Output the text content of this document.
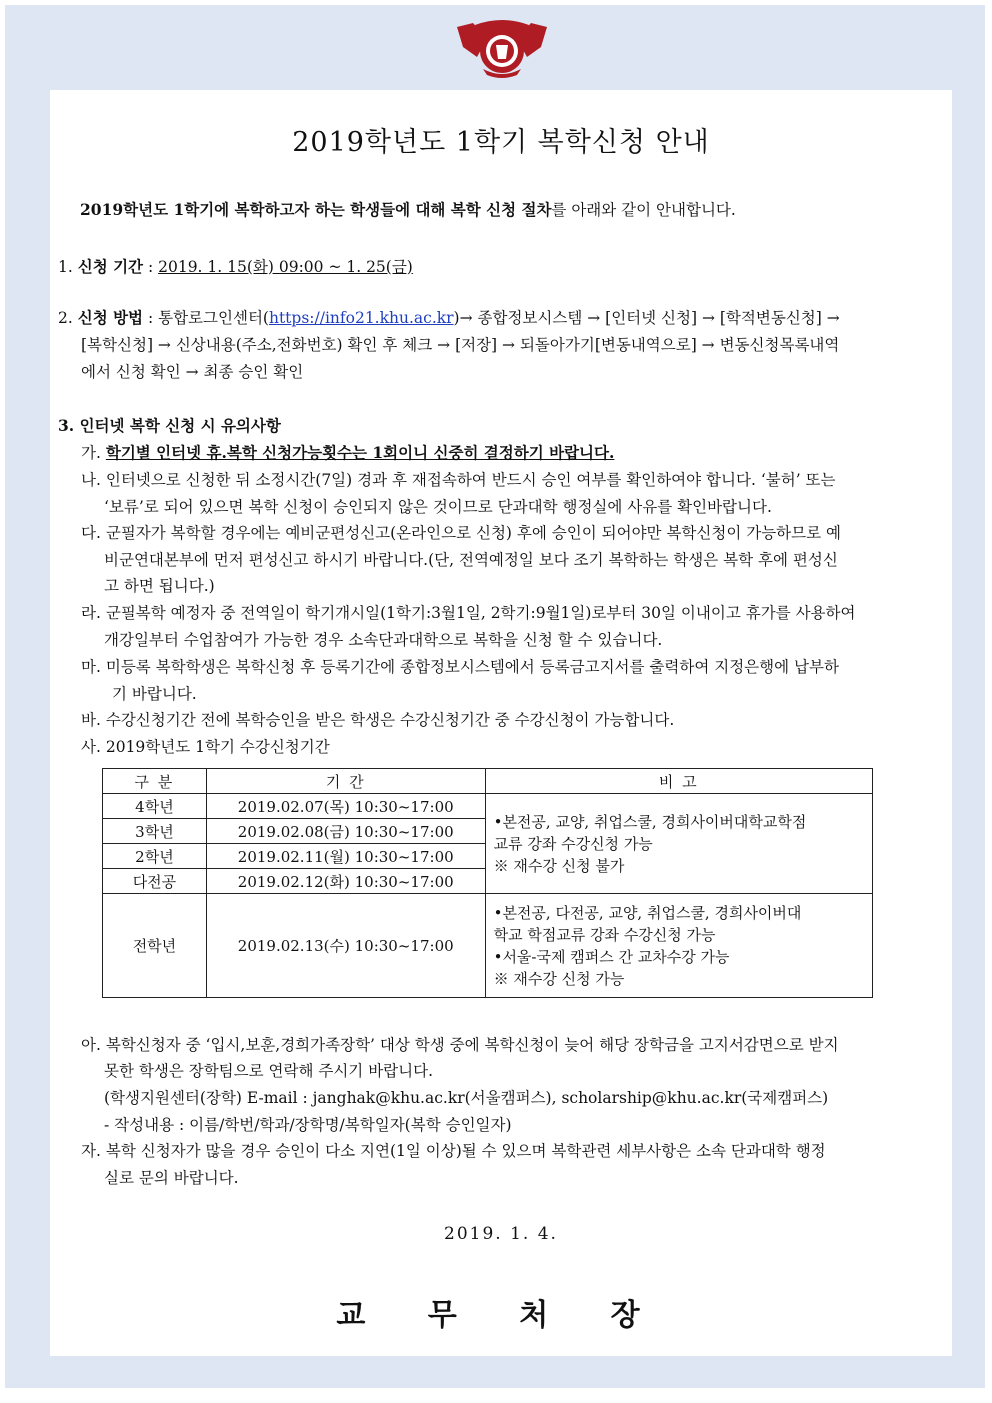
2019학년도 1학기 복학신청 안내
2019학년도 1학기에 복학하고자 하는 학생들에 대해 복학 신청 절차를 아래와 같이 안내합니다.
1. 신청 기간 : 2019. 1. 15(화) 09:00 ~ 1. 25(금)
2. 신청 방법 : 통합로그인센터(https://info21.khu.ac.kr)→ 종합정보시스템 → [인터넷 신청] → [학적변동신청] →
[복학신청] → 신상내용(주소,전화번호) 확인 후 체크 → [저장] → 되돌아가기[변동내역으로] → 변동신청목록내역
에서 신청 확인 → 최종 승인 확인
3. 인터넷 복학 신청 시 유의사항
가. 학기별 인터넷 휴.복학 신청가능횟수는 1회이니 신중히 결정하기 바랍니다.
나. 인터넷으로 신청한 뒤 소정시간(7일) 경과 후 재접속하여 반드시 승인 여부를 확인하여야 합니다. ‘불허’ 또는
‘보류’로 되어 있으면 복학 신청이 승인되지 않은 것이므로 단과대학 행정실에 사유를 확인바랍니다.
다. 군필자가 복학할 경우에는 예비군편성신고(온라인으로 신청) 후에 승인이 되어야만 복학신청이 가능하므로 예
비군연대본부에 먼저 편성신고 하시기 바랍니다.(단, 전역예정일 보다 조기 복학하는 학생은 복학 후에 편성신
고 하면 됩니다.)
라. 군필복학 예정자 중 전역일이 학기개시일(1학기:3월1일, 2학기:9월1일)로부터 30일 이내이고 휴가를 사용하여
개강일부터 수업참여가 가능한 경우 소속단과대학으로 복학을 신청 할 수 있습니다.
마. 미등록 복학학생은 복학신청 후 등록기간에 종합정보시스템에서 등록금고지서를 출력하여 지정은행에 납부하
기 바랍니다.
바. 수강신청기간 전에 복학승인을 받은 학생은 수강신청기간 중 수강신청이 가능합니다.
사. 2019학년도 1학기 수강신청기간
구 분	기 간	비 고
4학년	2019.02.07(목) 10:30~17:00	•본전공, 교양, 취업스쿨, 경희사이버대학교학점
교류 강좌 수강신청 가능
※ 재수강 신청 불가

3학년	2019.02.08(금) 10:30~17:00	
2학년	2019.02.11(월) 10:30~17:00	
다전공	2019.02.12(화) 10:30~17:00	
전학년	2019.02.13(수) 10:30~17:00	•본전공, 다전공, 교양, 취업스쿨, 경희사이버대
학교 학점교류 강좌 수강신청 가능
•서울-국제 캠퍼스 간 교차수강 가능
※ 재수강 신청 가능
아. 복학신청자 중 ‘입시,보훈,경희가족장학’ 대상 학생 중에 복학신청이 늦어 해당 장학금을 고지서감면으로 받지
못한 학생은 장학팀으로 연락해 주시기 바랍니다.
(학생지원센터(장학) E-mail : janghak@khu.ac.kr(서울캠퍼스), scholarship@khu.ac.kr(국제캠퍼스)
- 작성내용 : 이름/학번/학과/장학명/복학일자(복학 승인일자)
자. 복학 신청자가 많을 경우 승인이 다소 지연(1일 이상)될 수 있으며 복학관련 세부사항은 소속 단과대학 행정
실로 문의 바랍니다.
2019. 1. 4.
교 무 처 장
